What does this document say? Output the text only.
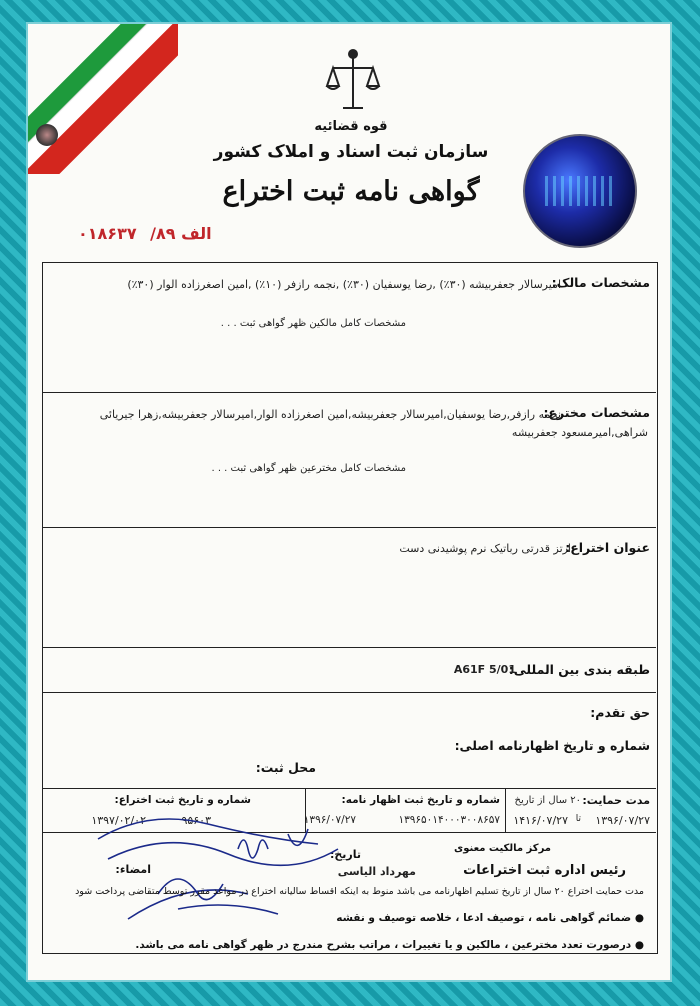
قوه قضائیه
سازمان ثبت اسناد و املاک کشور
گواهی نامه ثبت اختراع
الف ۸۹/ ۰۱۸۶۳۷
مشخصات مالک:
امیرسالار جعفربیشه (۳۰٪) ,رضا یوسفیان (۳۰٪) ,نجمه رازفر (۱۰٪) ,امین اصغرزاده الوار (۳۰٪)
مشخصات کامل مالکین ظهر گواهی ثبت . . .
مشخصات مخترع:
نجمه رازفر,رضا یوسفیان,امیرسالار جعفربیشه,امین اصغرزاده الوار,امیرسالار جعفربیشه,زهرا جیریائی
شراهی,امیرمسعود جعفربیشه
مشخصات کامل مخترعین ظهر گواهی ثبت . . .
عنوان اختراع:
ارتز قدرتی رباتیک نرم پوشیدنی دست
طبقه بندی بین المللی:
A61F 5/01
حق تقدم:
شماره و تاریخ اظهارنامه اصلی:
محل ثبت:
مدت حمایت:
۲۰ سال از تاریخ
۱۳۹۶/۰۷/۲۷
تا
۱۴۱۶/۰۷/۲۷
شماره و تاریخ ثبت اظهار نامه:
۱۳۹۶۵۰۱۴۰۰۰۳۰۰۸۶۵۷
۱۳۹۶/۰۷/۲۷
شماره و تاریخ ثبت اختراع:
۹۵۶۰۳
۱۳۹۷/۰۲/۰۲
مرکز مالکیت معنوی
رئیس اداره ثبت اختراعات
مهرداد الیاسی
تاریخ:
امضاء:
مدت حمایت اختراع ۲۰ سال از تاریخ تسلیم اظهارنامه می باشد منوط به اینکه اقساط سالیانه اختراع در مواعد مقرر توسط متقاضی پرداخت شود
● ضمائم گواهی نامه ، توصیف ادعا ، خلاصه توصیف و نقشه
● درصورت تعدد مخترعین ، مالکین و یا تغییرات ، مراتب بشرح مندرج در ظهر گواهی نامه می باشد.
